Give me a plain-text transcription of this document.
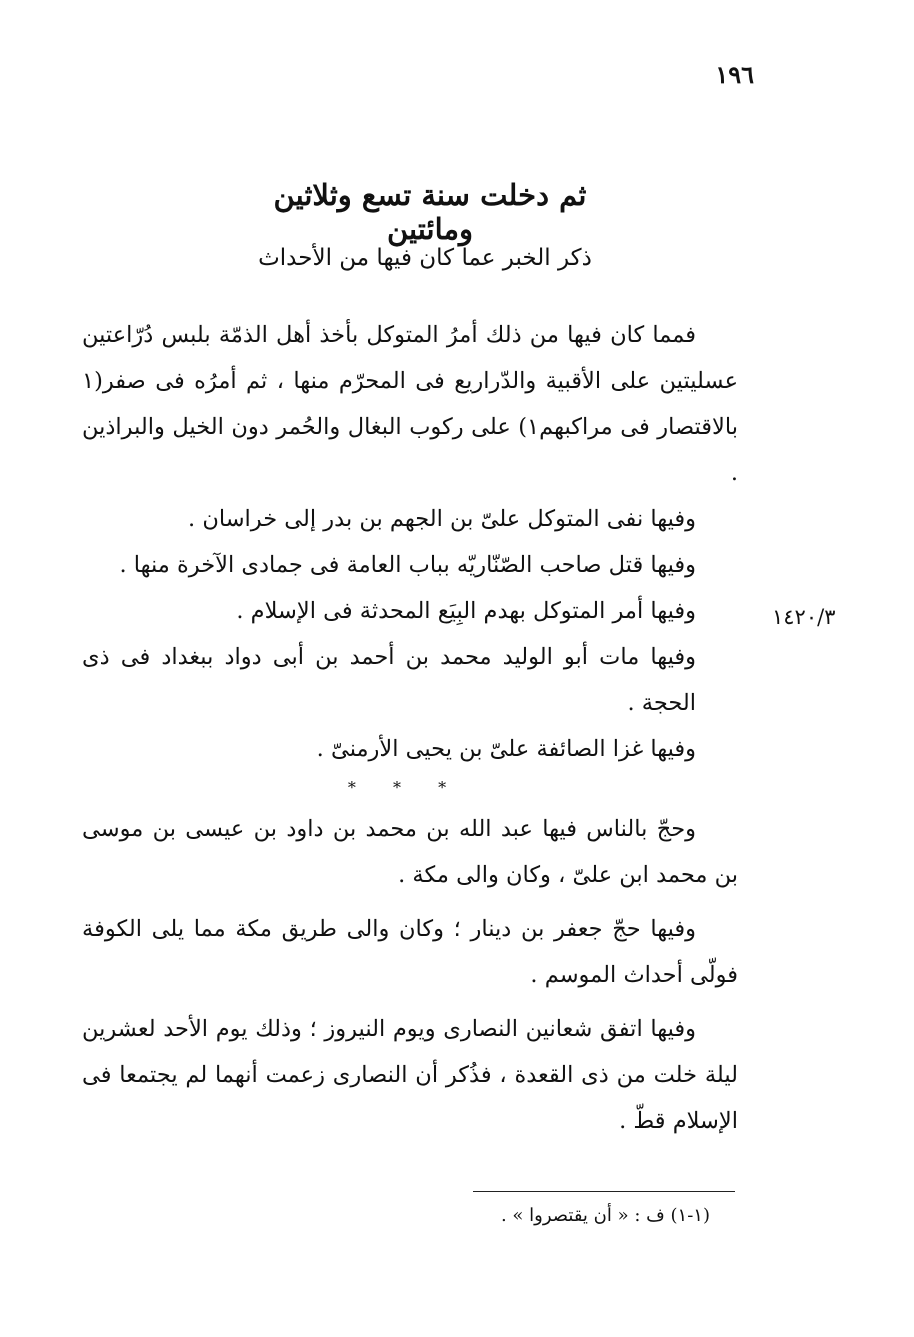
١٩٦
ثم دخلت سنة تسع وثلاثين ومائتين
ذكر الخبر عما كان فيها من الأحداث
١٤٢٠/٣

فمما كان فيها من ذلك أمرُ المتوكل بأخذ أهل الذمّة بلبس دُرّاعتين عسليتين على الأقبية والدّراريع فى المحرّم منها ، ثم أمرُه فى صفر(١ بالاقتصار فى مراكبهم١) على ركوب البغال والحُمر دون الخيل والبراذين .

وفيها نفى المتوكل علىّ بن الجهم بن بدر إلى خراسان .

وفيها قتل صاحب الصّنّاريّه بباب العامة فى جمادى الآخرة منها .

وفيها أمر المتوكل بهدم البِيَع المحدثة فى الإسلام .

وفيها مات أبو الوليد محمد بن أحمد بن أبى دواد ببغداد فى ذى الحجة .

وفيها غزا الصائفة علىّ بن يحيى الأرمنىّ .

* * *

وحجّ بالناس فيها عبد الله بن محمد بن داود بن عيسى بن موسى بن محمد ابن علىّ ، وكان والى مكة .

وفيها حجّ جعفر بن دينار ؛ وكان والى طريق مكة مما يلى الكوفة فولّى أحداث الموسم .

وفيها اتفق شعانين النصارى ويوم النيروز ؛ وذلك يوم الأحد لعشرين ليلة خلت من ذى القعدة ، فذُكر أن النصارى زعمت أنهما لم يجتمعا فى الإسلام قطّ .

(١-١) ف : « أن يقتصروا » .
